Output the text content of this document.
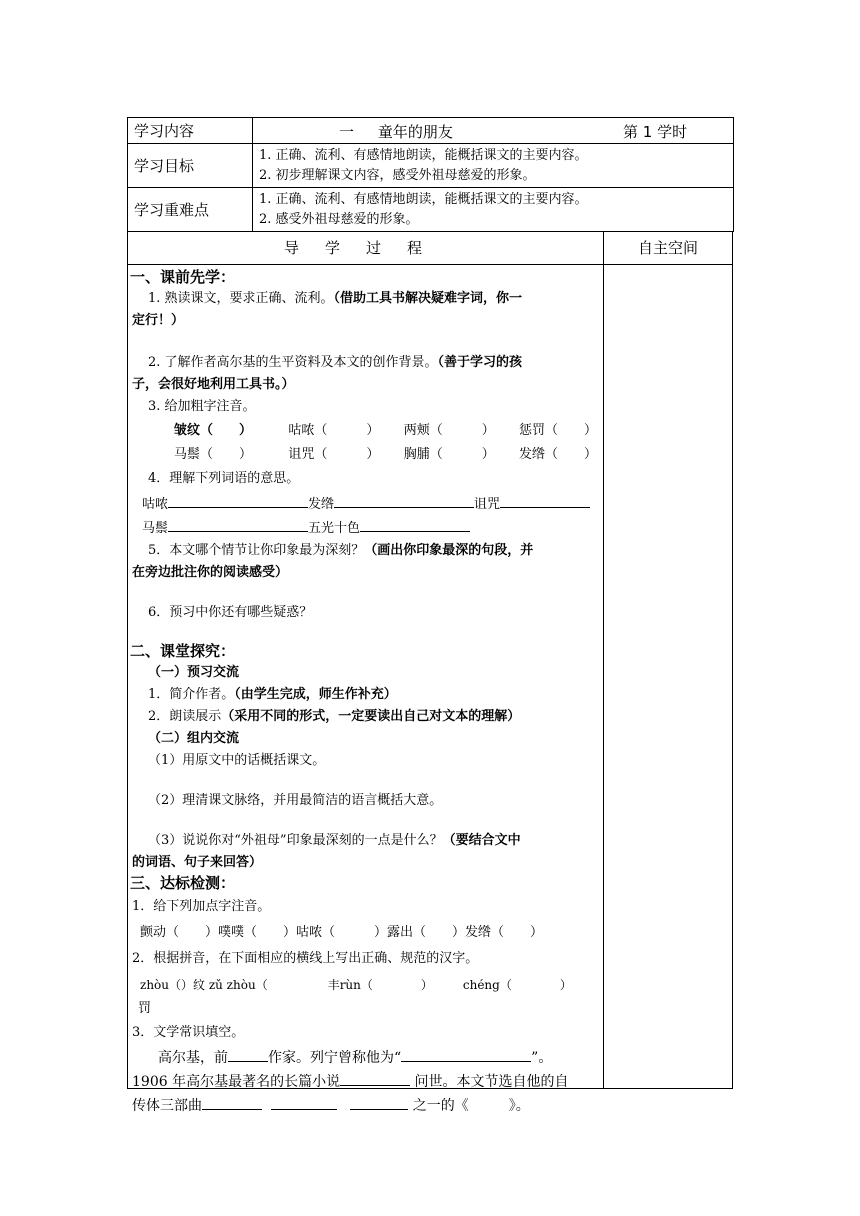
学习内容	一 童年的朋友 第 1 学时

学习目标	1. 正确、流利、有感情地朗读，能概括课文的主要内容。
2. 初步理解课文内容，感受外祖母慈爱的形象。

学习重难点	1. 正确、流利、有感情地朗读，能概括课文的主要内容。
2. 感受外祖母慈爱的形象。
导学过程	自主空间
一、课前先学：
1. 熟读课文，要求正确、流利。（借助工具书解决疑难字词，你一
定行！）
2. 了解作者高尔基的生平资料及本文的创作背景。（善于学习的孩
子，会很好地利用工具书。）
3. 给加粗字注音。
皱纹（　　）	咕哝（　　　） 两颊（　　　） 惩罚（　　）
马鬃（　　）	诅咒（　　　） 胸脯（　　　） 发绺（　　）
4．理解下列词语的意思。
咕哝	发绺	诅咒
马鬃	五光十色
5．本文哪个情节让你印象最为深刻？（画出你印象最深的句段，并
在旁边批注你的阅读感受）
6．预习中你还有哪些疑惑？
二、课堂探究：
（一）预习交流
1．简介作者。（由学生完成，师生作补充）
2．朗读展示（采用不同的形式，一定要读出自己对文本的理解）
（二）组内交流
（1）用原文中的话概括课文。
（2）理清课文脉络，并用最简洁的语言概括大意。
（3）说说你对“外祖母”印象最深刻的一点是什么？（要结合文中
的词语、句子来回答）
三、达标检测：
1．给下列加点字注音。
颤动（　　）噗噗（　　）咕哝（　　　）露出（　　）发绺（　　）
2．根据拼音，在下面相应的横线上写出正确、规范的汉字。
zhòu（）纹 zǔ zhòu（　　　　　丰rùn（　　　　）　　　chéng（　　　　）
罚
3．文学常识填空。
高尔基，前	作家。列宁曾称他为“	”。
1906 年高尔基最著名的长篇小说	问世。本文节选自他的自
传体三部曲	之一的《	》。
